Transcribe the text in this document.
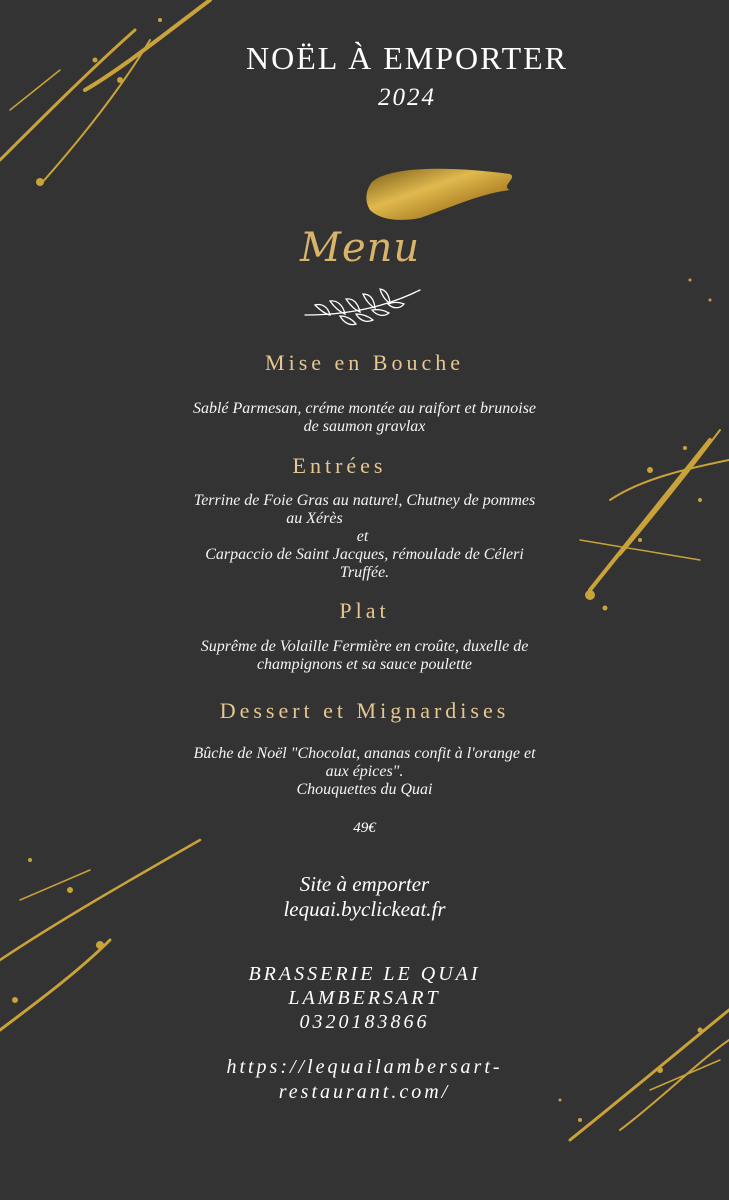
NOËL À EMPORTER
2024
Menu
Mise en Bouche
Sablé Parmesan, créme montée au raifort et brunoise
de saumon gravlax
Entrées
Terrine de Foie Gras au naturel, Chutney de pommes
au Xérès
et
Carpaccio de Saint Jacques, rémoulade de Céleri
Truffée.
Plat
Suprême de Volaille Fermière en croûte, duxelle de
champignons et sa sauce poulette
Dessert et Mignardises
Bûche de Noël "Chocolat, ananas confit à l'orange et
aux épices".
Chouquettes du Quai
49€
Site à emporter
lequai.byclickeat.fr
BRASSERIE LE QUAI
LAMBERSART
0320183866
https://lequailambersart-
restaurant.com/
